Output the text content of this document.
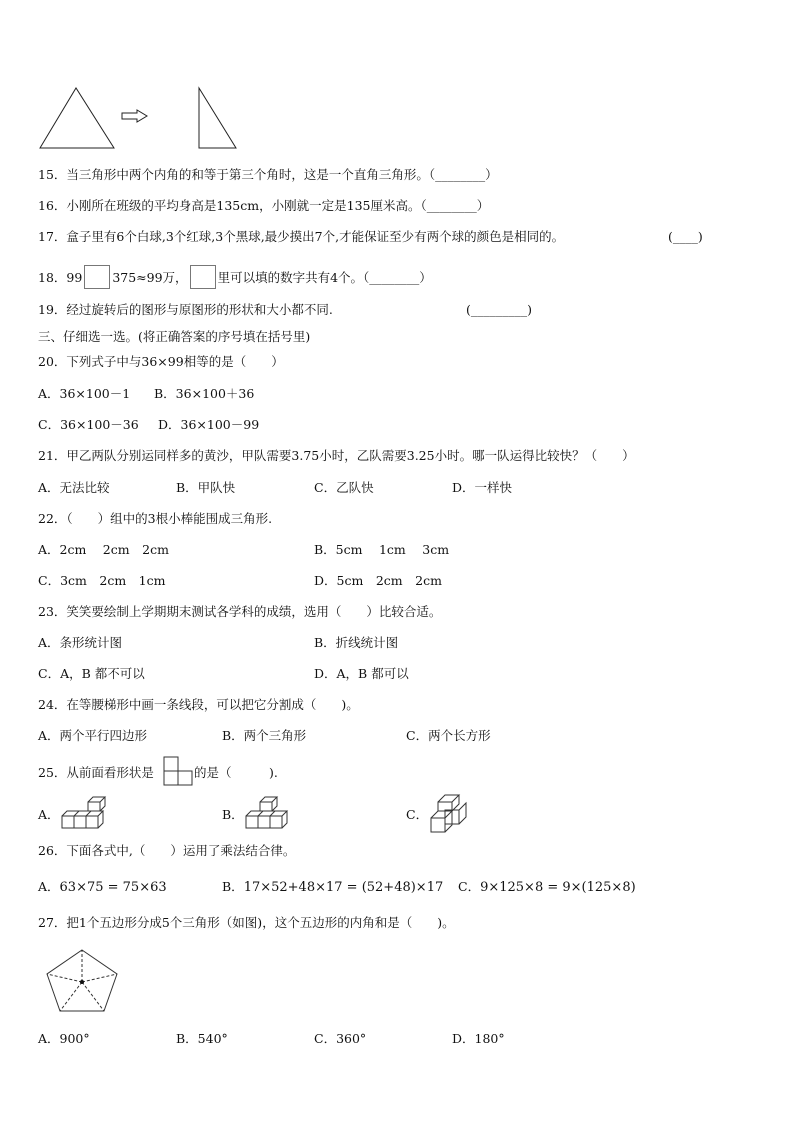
15．当三角形中两个内角的和等于第三个角时，这是一个直角三角形。（________）
16．小刚所在班级的平均身高是135cm，小刚就一定是135厘米高。（________）
17．盒子里有6个白球,3个红球,3个黑球,最少摸出7个,才能保证至少有两个球的颜色是相同的。	(____)
18．99 375≈99万， 里可以填的数字共有4个。（________）
19．经过旋转后的图形与原图形的形状和大小都不同.	(_________)
三、仔细选一选。(将正确答案的序号填在括号里)
20．下列式子中与36×99相等的是（　　）
A．36×100－1 B．36×100＋36
C．36×100－36 D．36×100－99
21．甲乙两队分别运同样多的黄沙，甲队需要3.75小时，乙队需要3.25小时。哪一队运得比较快？（　　）
A．无法比较	B．甲队快	C．乙队快	D．一样快
22．（　　）组中的3根小棒能围成三角形.
A．2cm　 2cm　2cm	B．5cm　 1cm　 3cm
C．3cm　2cm　1cm	D．5cm　2cm　2cm
23．笑笑要绘制上学期期末测试各学科的成绩，选用（　　）比较合适。
A．条形统计图	B．折线统计图
C．A，B 都不可以	D．A，B 都可以
24．在等腰梯形中画一条线段，可以把它分割成（　　)。
A．两个平行四边形	B．两个三角形	C．两个长方形
25．从前面看形状是	的是（　　　).
A．	B．	C．
26．下面各式中,（　　）运用了乘法结合律。
A．63×75 = 75×63	B．17×52+48×17 = (52+48)×17 C．9×125×8 = 9×(125×8)
27．把1个五边形分成5个三角形（如图)，这个五边形的内角和是（　　)。
A．900°	B．540°	C．360°	D．180°
